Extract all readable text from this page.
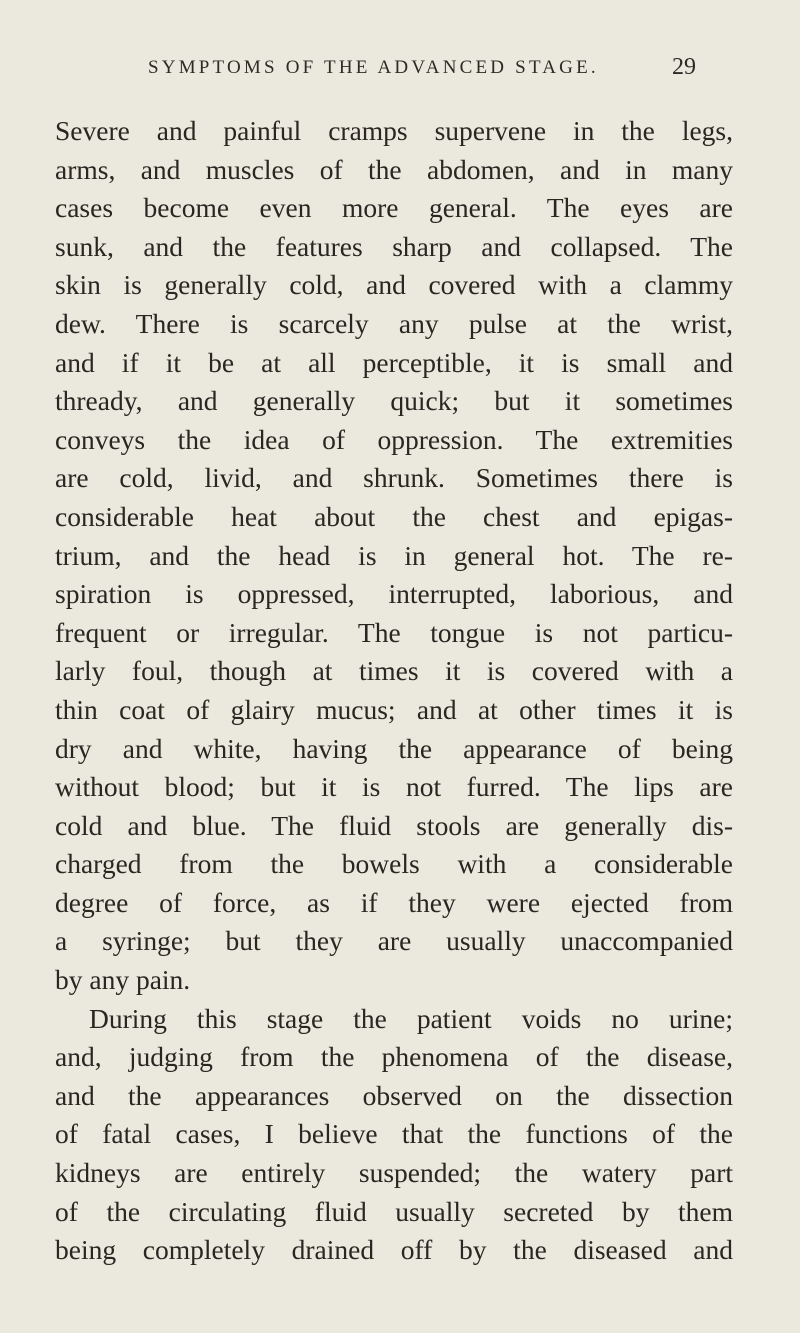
SYMPTOMS OF THE ADVANCED STAGE.	29
Severe and painful cramps supervene in the legs,
arms, and muscles of the abdomen, and in many
cases become even more general. The eyes are
sunk, and the features sharp and collapsed. The
skin is generally cold, and covered with a clammy
dew. There is scarcely any pulse at the wrist,
and if it be at all perceptible, it is small and
thready, and generally quick; but it sometimes
conveys the idea of oppression. The extremities
are cold, livid, and shrunk. Sometimes there is
considerable heat about the chest and epigas-
trium, and the head is in general hot. The re-
spiration is oppressed, interrupted, laborious, and
frequent or irregular. The tongue is not particu-
larly foul, though at times it is covered with a
thin coat of glairy mucus; and at other times it is
dry and white, having the appearance of being
without blood; but it is not furred. The lips are
cold and blue. The fluid stools are generally dis-
charged from the bowels with a considerable
degree of force, as if they were ejected from
a syringe; but they are usually unaccompanied
by any pain.
During this stage the patient voids no urine;
and, judging from the phenomena of the disease,
and the appearances observed on the dissection
of fatal cases, I believe that the functions of the
kidneys are entirely suspended; the watery part
of the circulating fluid usually secreted by them
being completely drained off by the diseased and
